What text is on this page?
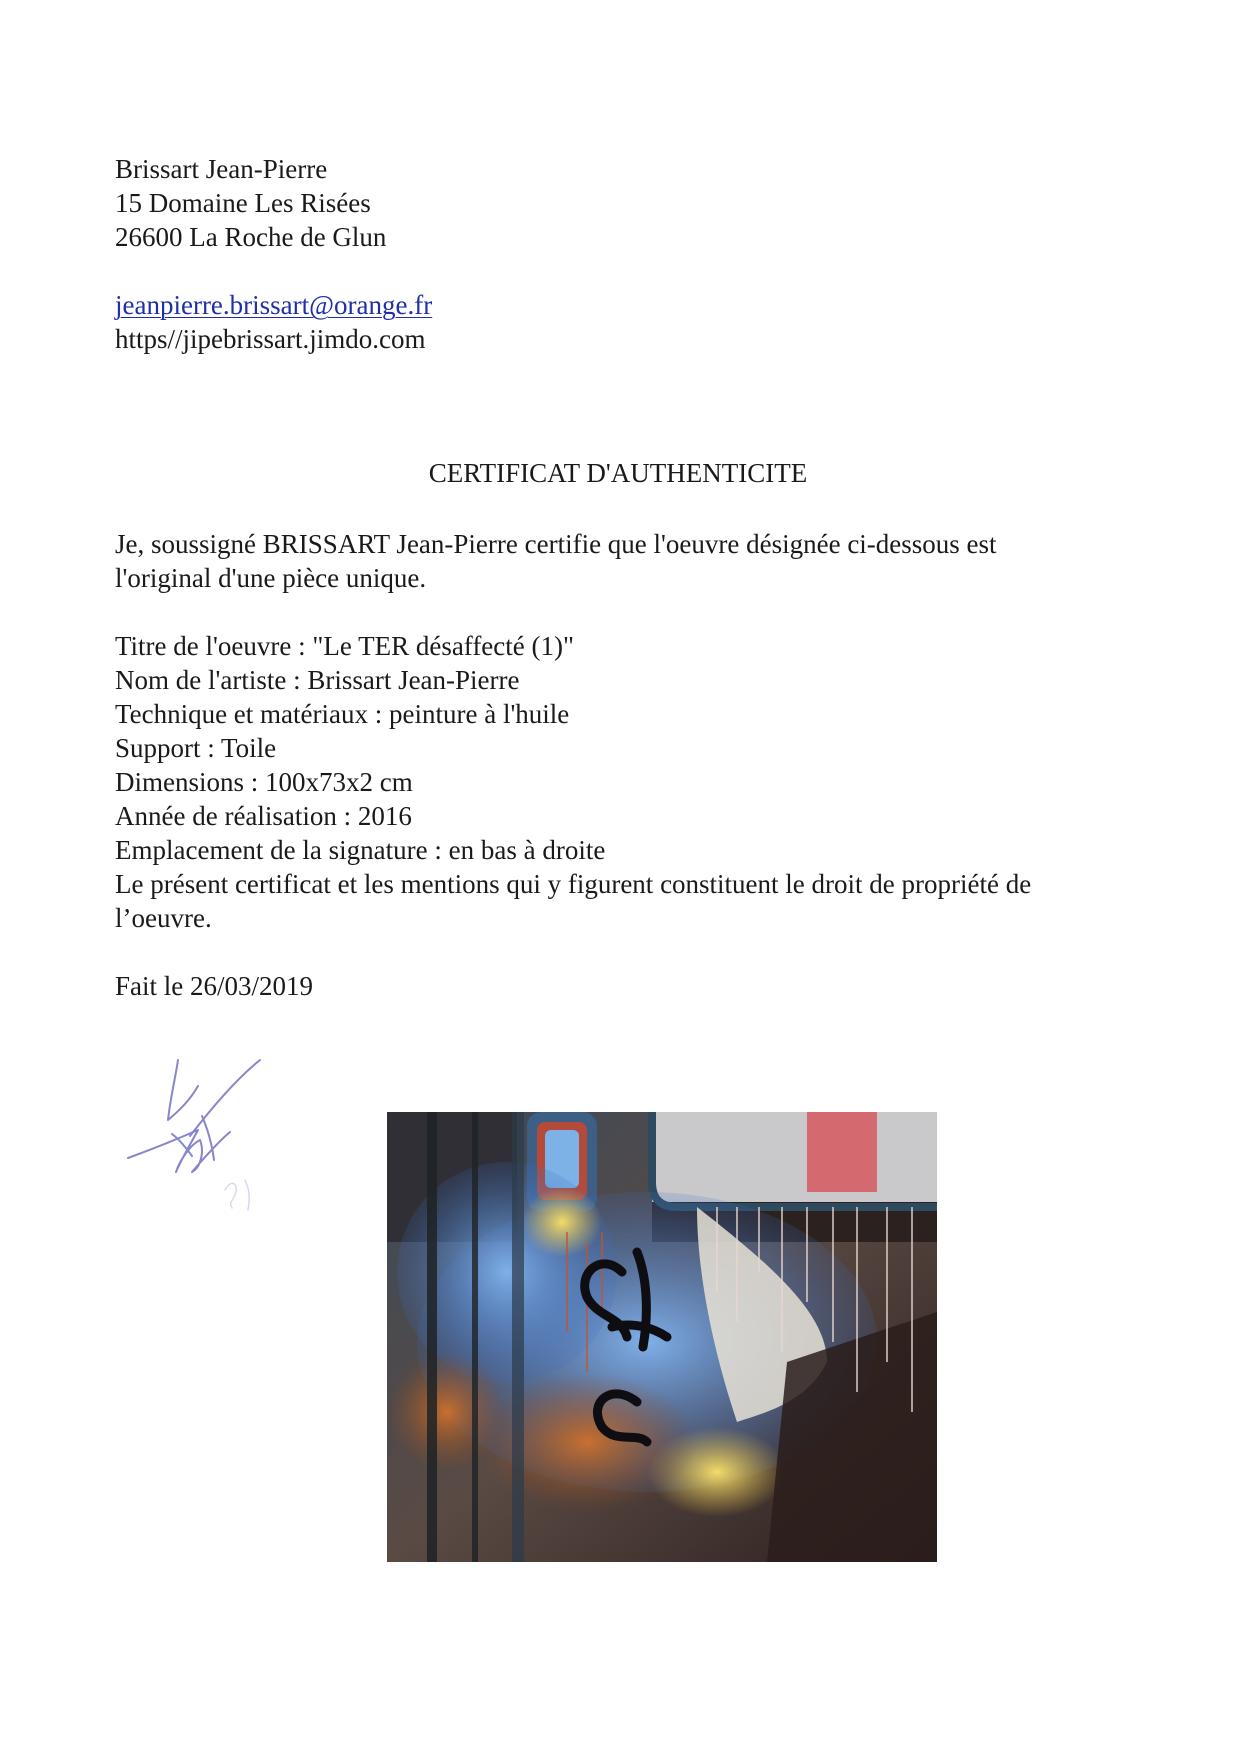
Brissart Jean-Pierre
15 Domaine Les Risées
26600 La Roche de Glun
jeanpierre.brissart@orange.fr
https//jipebrissart.jimdo.com
CERTIFICAT D'AUTHENTICITE
Je, soussigné BRISSART Jean-Pierre certifie que l'oeuvre désignée ci-dessous est
l'original d'une pièce unique.
Titre de l'oeuvre : "Le TER désaffecté (1)"
Nom de l'artiste : Brissart Jean-Pierre
Technique et matériaux : peinture à l'huile
Support : Toile
Dimensions : 100x73x2 cm
Année de réalisation : 2016
Emplacement de la signature : en bas à droite
Le présent certificat et les mentions qui y figurent constituent le droit de propriété de
l’oeuvre.
Fait le 26/03/2019
